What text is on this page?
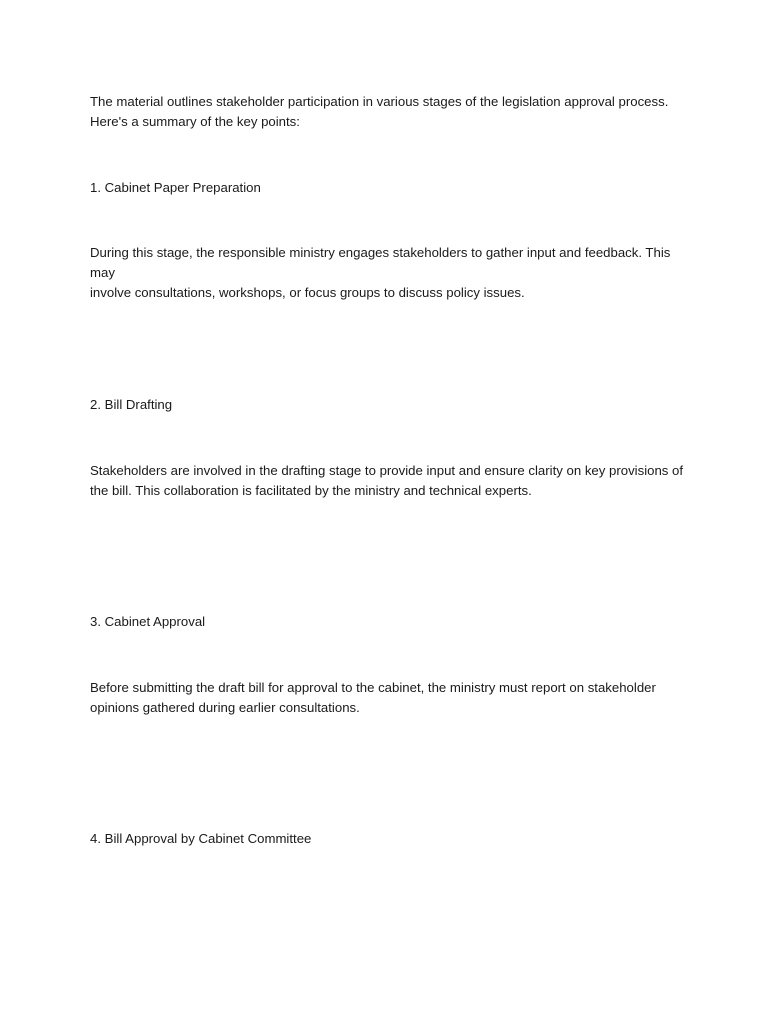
The material outlines stakeholder participation in various stages of the legislation approval process.
Here's a summary of the key points:

1. Cabinet Paper Preparation

During this stage, the responsible ministry engages stakeholders to gather input and feedback. This may
involve consultations, workshops, or focus groups to discuss policy issues.

2. Bill Drafting

Stakeholders are involved in the drafting stage to provide input and ensure clarity on key provisions of
the bill. This collaboration is facilitated by the ministry and technical experts.

3. Cabinet Approval

Before submitting the draft bill for approval to the cabinet, the ministry must report on stakeholder
opinions gathered during earlier consultations.

4. Bill Approval by Cabinet Committee
